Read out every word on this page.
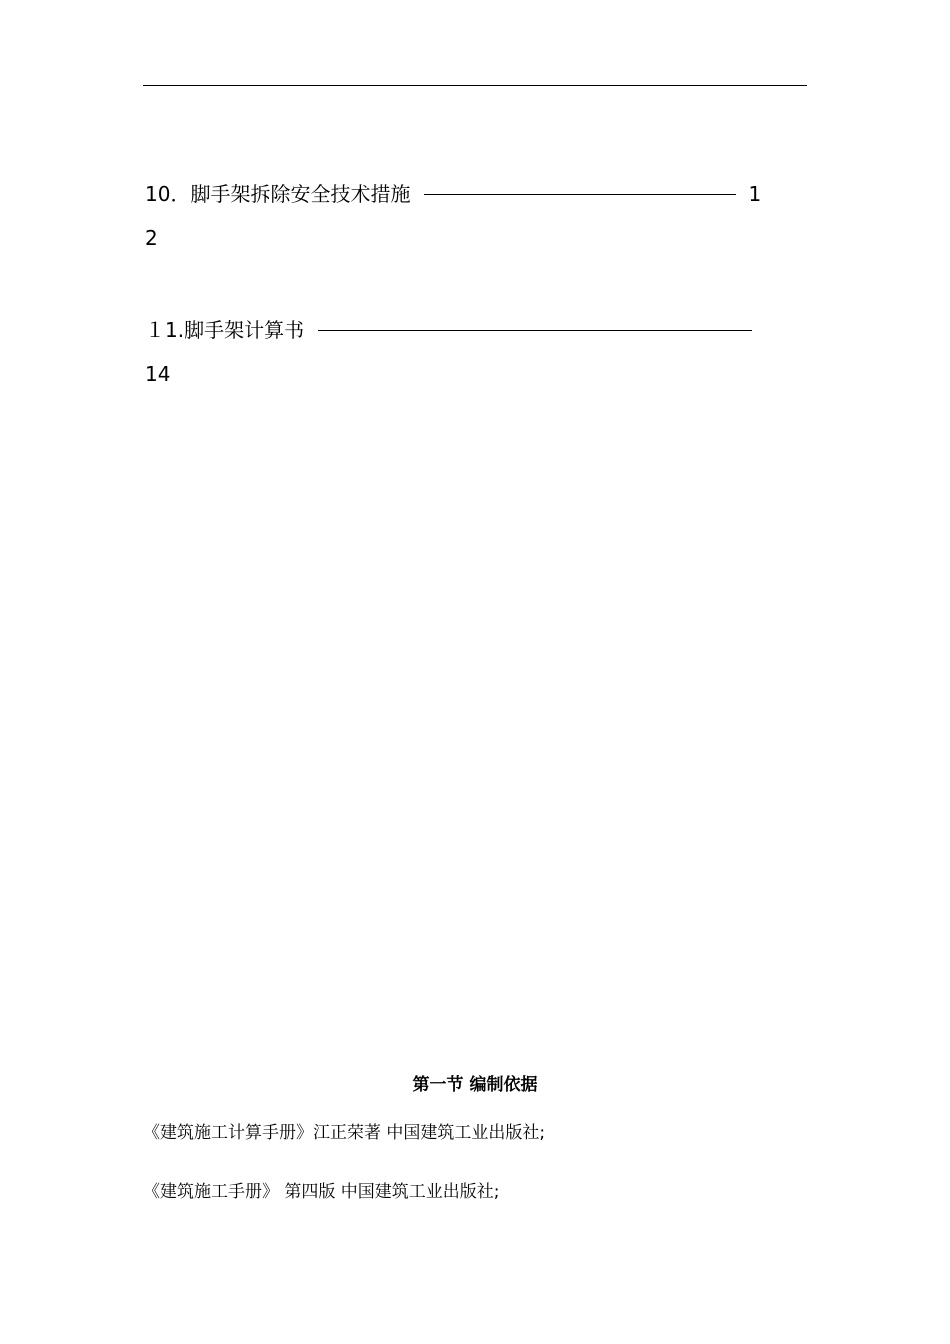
10．脚手架拆除安全技术措施	1
2
１1.脚手架计算书
14
第一节 编制依据
《建筑施工计算手册》江正荣著 中国建筑工业出版社;
《建筑施工手册》 第四版 中国建筑工业出版社;
